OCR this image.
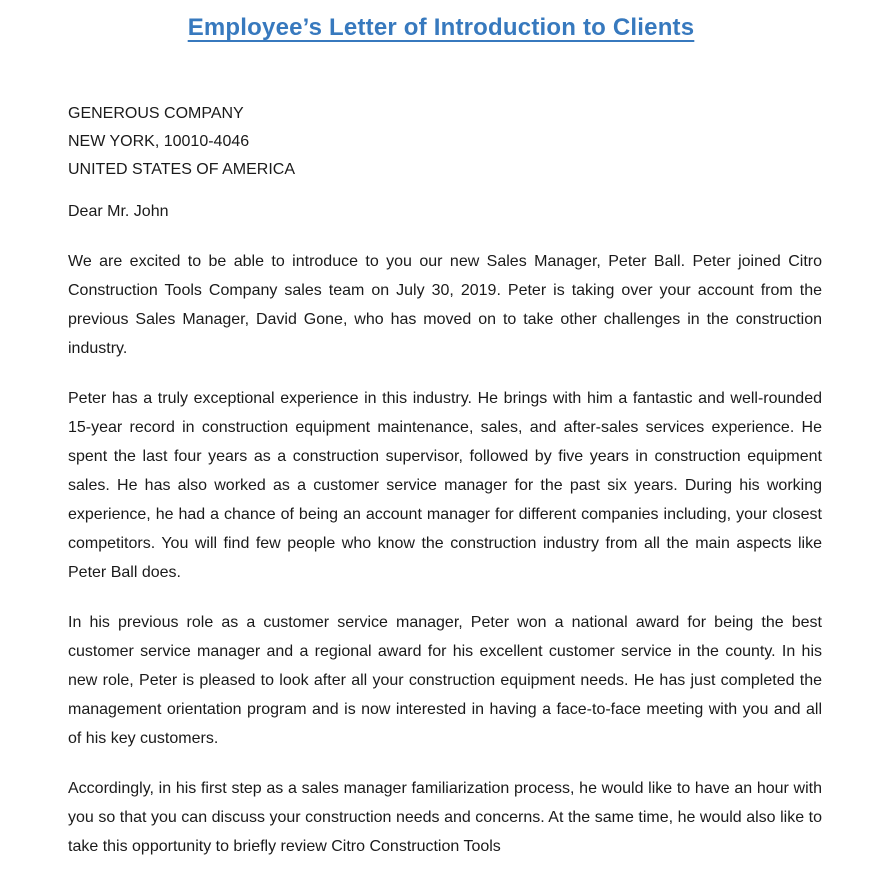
Employee’s Letter of Introduction to Clients
GENEROUS COMPANY
NEW YORK, 10010-4046
UNITED STATES OF AMERICA
Dear Mr. John

We are excited to be able to introduce to you our new Sales Manager, Peter Ball. Peter joined Citro Construction Tools Company sales team on July 30, 2019. Peter is taking over your account from the previous Sales Manager, David Gone, who has moved on to take other challenges in the construction industry.

Peter has a truly exceptional experience in this industry. He brings with him a fantastic and well-rounded 15-year record in construction equipment maintenance, sales, and after-sales services experience. He spent the last four years as a construction supervisor, followed by five years in construction equipment sales. He has also worked as a customer service manager for the past six years. During his working experience, he had a chance of being an account manager for different companies including, your closest competitors. You will find few people who know the construction industry from all the main aspects like Peter Ball does.

In his previous role as a customer service manager, Peter won a national award for being the best customer service manager and a regional award for his excellent customer service in the county. In his new role, Peter is pleased to look after all your construction equipment needs. He has just completed the management orientation program and is now interested in having a face-to-face meeting with you and all of his key customers.

Accordingly, in his first step as a sales manager familiarization process, he would like to have an hour with you so that you can discuss your construction needs and concerns. At the same time, he would also like to take this opportunity to briefly review Citro Construction Tools
